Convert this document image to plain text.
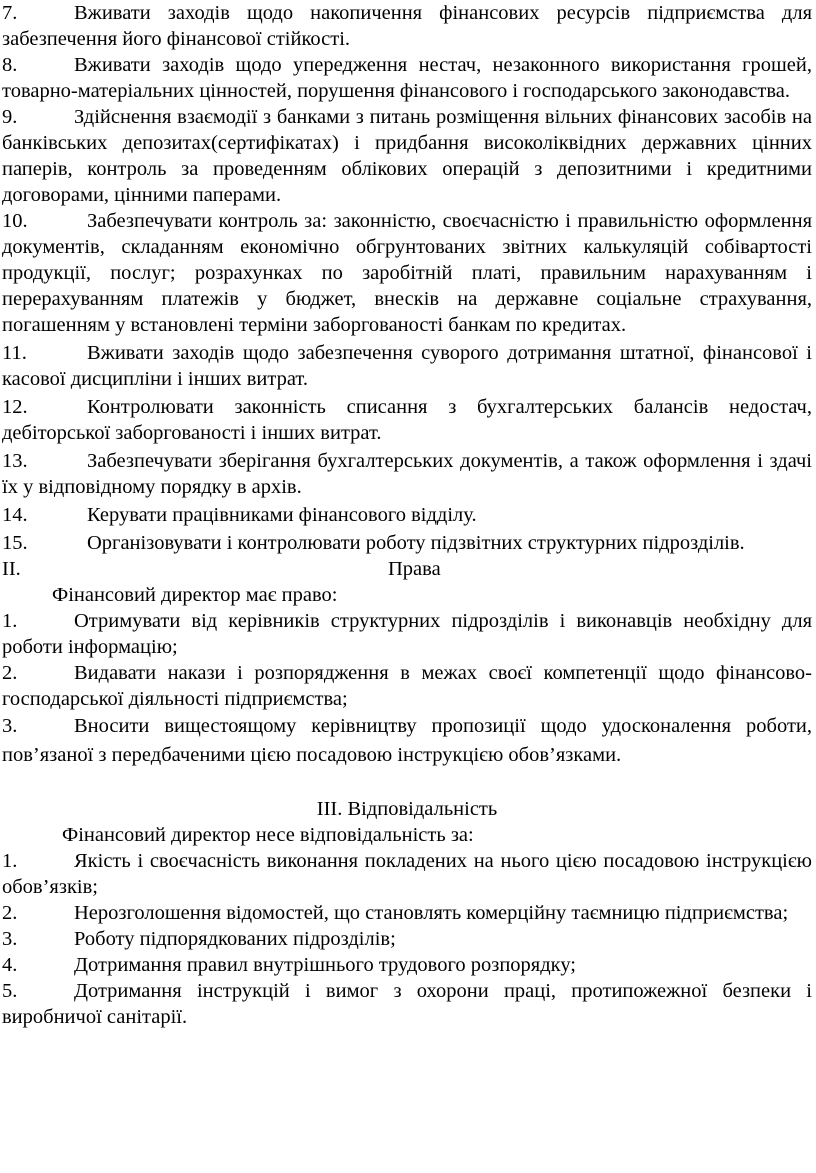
7.	Вживати заходів щодо накопичення фінансових ресурсів підприємства для забезпечення його фінансової стійкості.

8.	Вживати заходів щодо упередження нестач, незаконного використання грошей, товарно-матеріальних цінностей, порушення фінансового і господарського законодавства.

9.	Здійснення взаємодії з банками з питань розміщення вільних фінансових засобів на банківських депозитах(сертифікатах) і придбання високоліквідних державних цінних паперів, контроль за проведенням облікових операцій з депозитними і кредитними договорами, цінними паперами.

10.	Забезпечувати контроль за: законністю, своєчасністю і правильністю оформлення документів, складанням економічно обгрунтованих звітних калькуляцій собівартості продукції, послуг; розрахунках по заробітній платі, правильним нарахуванням і перерахуванням платежів у бюджет, внесків на державне соціальне страхування, погашенням у встановлені терміни заборгованості банкам по кредитах.

11.	Вживати заходів щодо забезпечення суворого дотримання штатної, фінансової і касової дисципліни і інших витрат.

12.	Контролювати законність списання з бухгалтерських балансів недостач, дебіторської заборгованості і інших витрат.

13.	Забезпечувати зберігання бухгалтерських документів, а також оформлення і здачі їх у відповідному порядку в архів.

14.	Керувати працівниками фінансового відділу.

15.	Організовувати і контролювати роботу підзвітних структурних підрозділів.

ІІ.	Права

Фінансовий директор має право:

1.	Отримувати від керівників структурних підрозділів і виконавців необхідну для роботи інформацію;

2.	Видавати накази і розпорядження в межах своєї компетенції щодо фінансово-господарської діяльності підприємства;

3.	Вносити вищестоящому керівництву пропозиції щодо удосконалення роботи, пов’язаної з передбаченими цією посадовою інструкцією обов’язками.

ІІІ. Відповідальність

Фінансовий директор несе відповідальність за:

1.	Якість і своєчасність виконання покладених на нього цією посадовою інструкцією обов’язків;

2.	Нерозголошення відомостей, що становлять комерційну таємницю підприємства;

3.	Роботу підпорядкованих підрозділів;

4.	Дотримання правил внутрішнього трудового розпорядку;

5.	Дотримання інструкцій і вимог з охорони праці, протипожежної безпеки і виробничої санітарії.
